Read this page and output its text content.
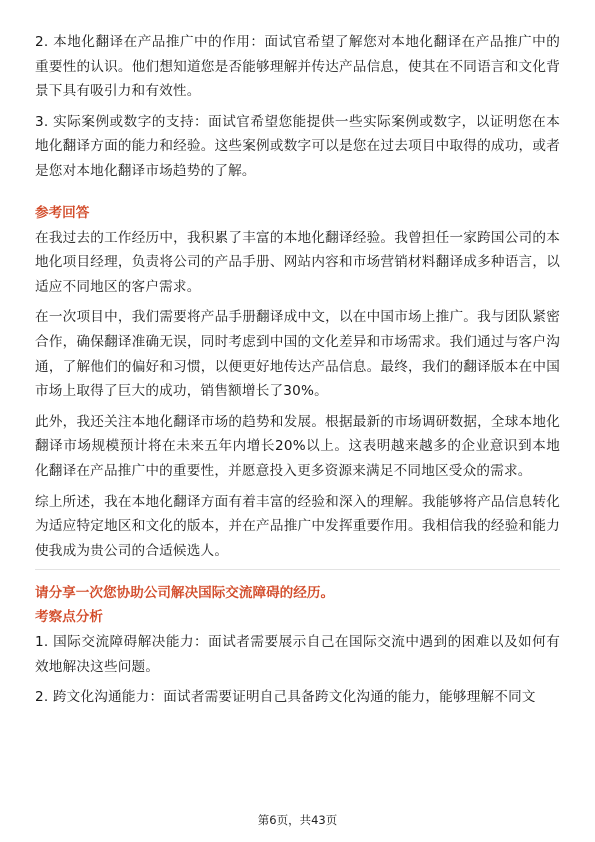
2. 本地化翻译在产品推广中的作用：面试官希望了解您对本地化翻译在产品推广中的重要性的认识。他们想知道您是否能够理解并传达产品信息，使其在不同语言和文化背景下具有吸引力和有效性。

3. 实际案例或数字的支持：面试官希望您能提供一些实际案例或数字，以证明您在本地化翻译方面的能力和经验。这些案例或数字可以是您在过去项目中取得的成功，或者是您对本地化翻译市场趋势的了解。

参考回答

在我过去的工作经历中，我积累了丰富的本地化翻译经验。我曾担任一家跨国公司的本地化项目经理，负责将公司的产品手册、网站内容和市场营销材料翻译成多种语言，以适应不同地区的客户需求。

在一次项目中，我们需要将产品手册翻译成中文，以在中国市场上推广。我与团队紧密合作，确保翻译准确无误，同时考虑到中国的文化差异和市场需求。我们通过与客户沟通，了解他们的偏好和习惯，以便更好地传达产品信息。最终，我们的翻译版本在中国市场上取得了巨大的成功，销售额增长了30%。

此外，我还关注本地化翻译市场的趋势和发展。根据最新的市场调研数据，全球本地化翻译市场规模预计将在未来五年内增长20%以上。这表明越来越多的企业意识到本地化翻译在产品推广中的重要性，并愿意投入更多资源来满足不同地区受众的需求。

综上所述，我在本地化翻译方面有着丰富的经验和深入的理解。我能够将产品信息转化为适应特定地区和文化的版本，并在产品推广中发挥重要作用。我相信我的经验和能力使我成为贵公司的合适候选人。

请分享一次您协助公司解决国际交流障碍的经历。
考察点分析

1. 国际交流障碍解决能力：面试者需要展示自己在国际交流中遇到的困难以及如何有效地解决这些问题。

2. 跨文化沟通能力：面试者需要证明自己具备跨文化沟通的能力，能够理解不同文

第6页，共43页
